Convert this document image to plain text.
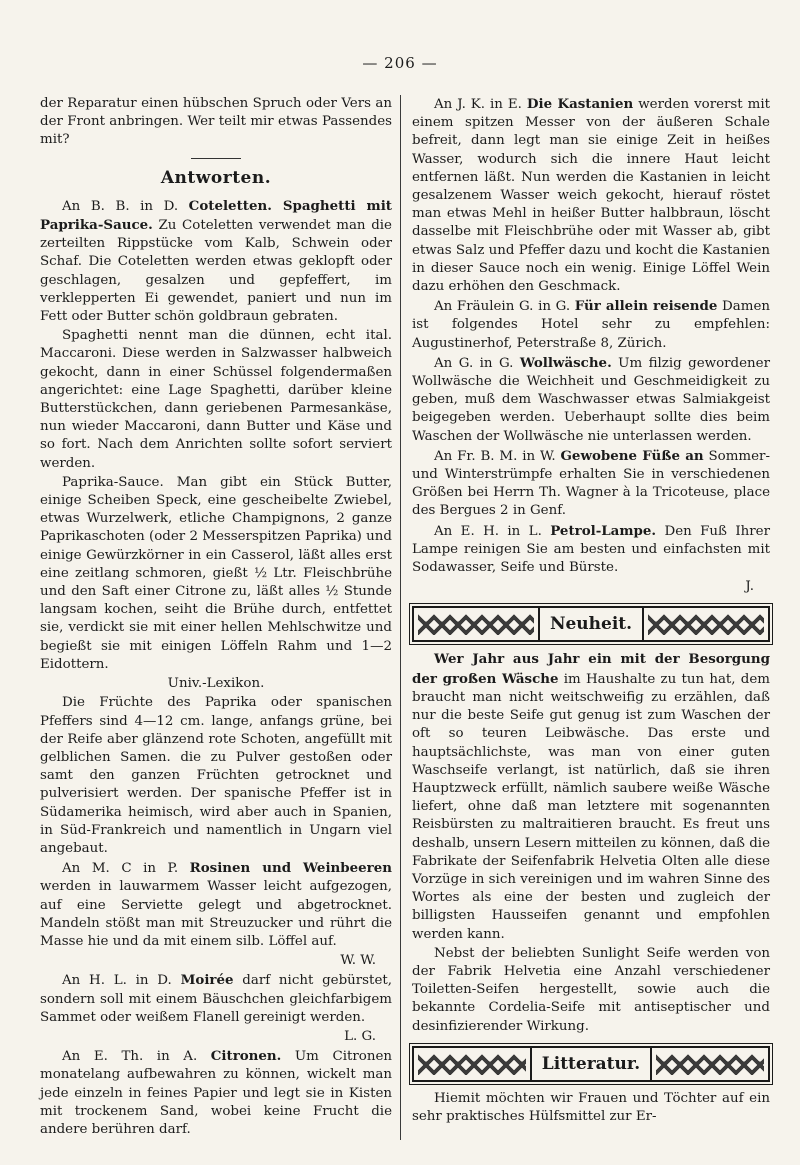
— 206 —

der Reparatur einen hübschen Spruch oder Vers an der Front anbringen. Wer teilt mir etwas Passendes mit?

Antworten.

An B. B. in D. Coteletten. Spaghetti mit Paprika-Sauce. Zu Coteletten verwendet man die zerteilten Rippstücke vom Kalb, Schwein oder Schaf. Die Coteletten werden etwas geklopft oder geschlagen, gesalzen und gepfeffert, im verklepperten Ei gewendet, paniert und nun im Fett oder Butter schön goldbraun gebraten.

Spaghetti nennt man die dünnen, echt ital. Maccaroni. Diese werden in Salzwasser halbweich gekocht, dann in einer Schüssel folgendermaßen angerichtet: eine Lage Spaghetti, darüber kleine Butterstückchen, dann geriebenen Parmesankäse, nun wieder Maccaroni, dann Butter und Käse und so fort. Nach dem Anrichten sollte sofort serviert werden.

Paprika-Sauce. Man gibt ein Stück Butter, einige Scheiben Speck, eine gescheibelte Zwiebel, etwas Wurzelwerk, etliche Champignons, 2 ganze Paprikaschoten (oder 2 Messerspitzen Paprika) und einige Gewürzkörner in ein Casserol, läßt alles erst eine zeitlang schmoren, gießt ½ Ltr. Fleischbrühe und den Saft einer Citrone zu, läßt alles ½ Stunde langsam kochen, seiht die Brühe durch, entfettet sie, verdickt sie mit einer hellen Mehlschwitze und begießt sie mit einigen Löffeln Rahm und 1—2 Eidottern.

Univ.-Lexikon.

Die Früchte des Paprika oder spanischen Pfeffers sind 4—12 cm. lange, anfangs grüne, bei der Reife aber glänzend rote Schoten, angefüllt mit gelblichen Samen. die zu Pulver gestoßen oder samt den ganzen Früchten getrocknet und pulverisiert werden. Der spanische Pfeffer ist in Südamerika heimisch, wird aber auch in Spanien, in Süd-Frankreich und namentlich in Ungarn viel angebaut.

An M. C in P. Rosinen und Weinbeeren werden in lauwarmem Wasser leicht aufgezogen, auf eine Serviette gelegt und abgetrocknet. Mandeln stößt man mit Streuzucker und rührt die Masse hie und da mit einem silb. Löffel auf.

W. W.

An H. L. in D. Moirée darf nicht gebürstet, sondern soll mit einem Bäuschchen gleichfarbigem Sammet oder weißem Flanell gereinigt werden.

L. G.

An E. Th. in A. Citronen. Um Citronen monatelang aufbewahren zu können, wickelt man jede einzeln in feines Papier und legt sie in Kisten mit trockenem Sand, wobei keine Frucht die andere berühren darf.

An J. K. in E. Die Kastanien werden vorerst mit einem spitzen Messer von der äußeren Schale befreit, dann legt man sie einige Zeit in heißes Wasser, wodurch sich die innere Haut leicht entfernen läßt. Nun werden die Kastanien in leicht gesalzenem Wasser weich gekocht, hierauf röstet man etwas Mehl in heißer Butter halbbraun, löscht dasselbe mit Fleischbrühe oder mit Wasser ab, gibt etwas Salz und Pfeffer dazu und kocht die Kastanien in dieser Sauce noch ein wenig. Einige Löffel Wein dazu erhöhen den Geschmack.

An Fräulein G. in G. Für allein reisende Damen ist folgendes Hotel sehr zu empfehlen: Augustinerhof, Peterstraße 8, Zürich.

An G. in G. Wollwäsche. Um filzig gewordener Wollwäsche die Weichheit und Geschmeidigkeit zu geben, muß dem Waschwasser etwas Salmiakgeist beigegeben werden. Ueberhaupt sollte dies beim Waschen der Wollwäsche nie unterlassen werden.

An Fr. B. M. in W. Gewobene Füße an Sommer- und Winterstrümpfe erhalten Sie in verschiedenen Größen bei Herrn Th. Wagner à la Tricoteuse, place des Bergues 2 in Genf.

An E. H. in L. Petrol-Lampe. Den Fuß Ihrer Lampe reinigen Sie am besten und einfachsten mit Sodawasser, Seife und Bürste.

J.

Neuheit.

Wer Jahr aus Jahr ein mit der Besorgung der großen Wäsche im Haushalte zu tun hat, dem braucht man nicht weitschweifig zu erzählen, daß nur die beste Seife gut genug ist zum Waschen der oft so teuren Leibwäsche. Das erste und hauptsächlichste, was man von einer guten Waschseife verlangt, ist natürlich, daß sie ihren Hauptzweck erfüllt, nämlich saubere weiße Wäsche liefert, ohne daß man letztere mit sogenannten Reisbürsten zu maltraitieren braucht. Es freut uns deshalb, unsern Lesern mitteilen zu können, daß die Fabrikate der Seifenfabrik Helvetia Olten alle diese Vorzüge in sich vereinigen und im wahren Sinne des Wortes als eine der besten und zugleich der billigsten Hausseifen genannt und empfohlen werden kann.

Nebst der beliebten Sunlight Seife werden von der Fabrik Helvetia eine Anzahl verschiedener Toiletten-Seifen hergestellt, sowie auch die bekannte Cordelia-Seife mit antiseptischer und desinfizierender Wirkung.

Litteratur.

Hiemit möchten wir Frauen und Töchter auf ein sehr praktisches Hülfsmittel zur Er-
